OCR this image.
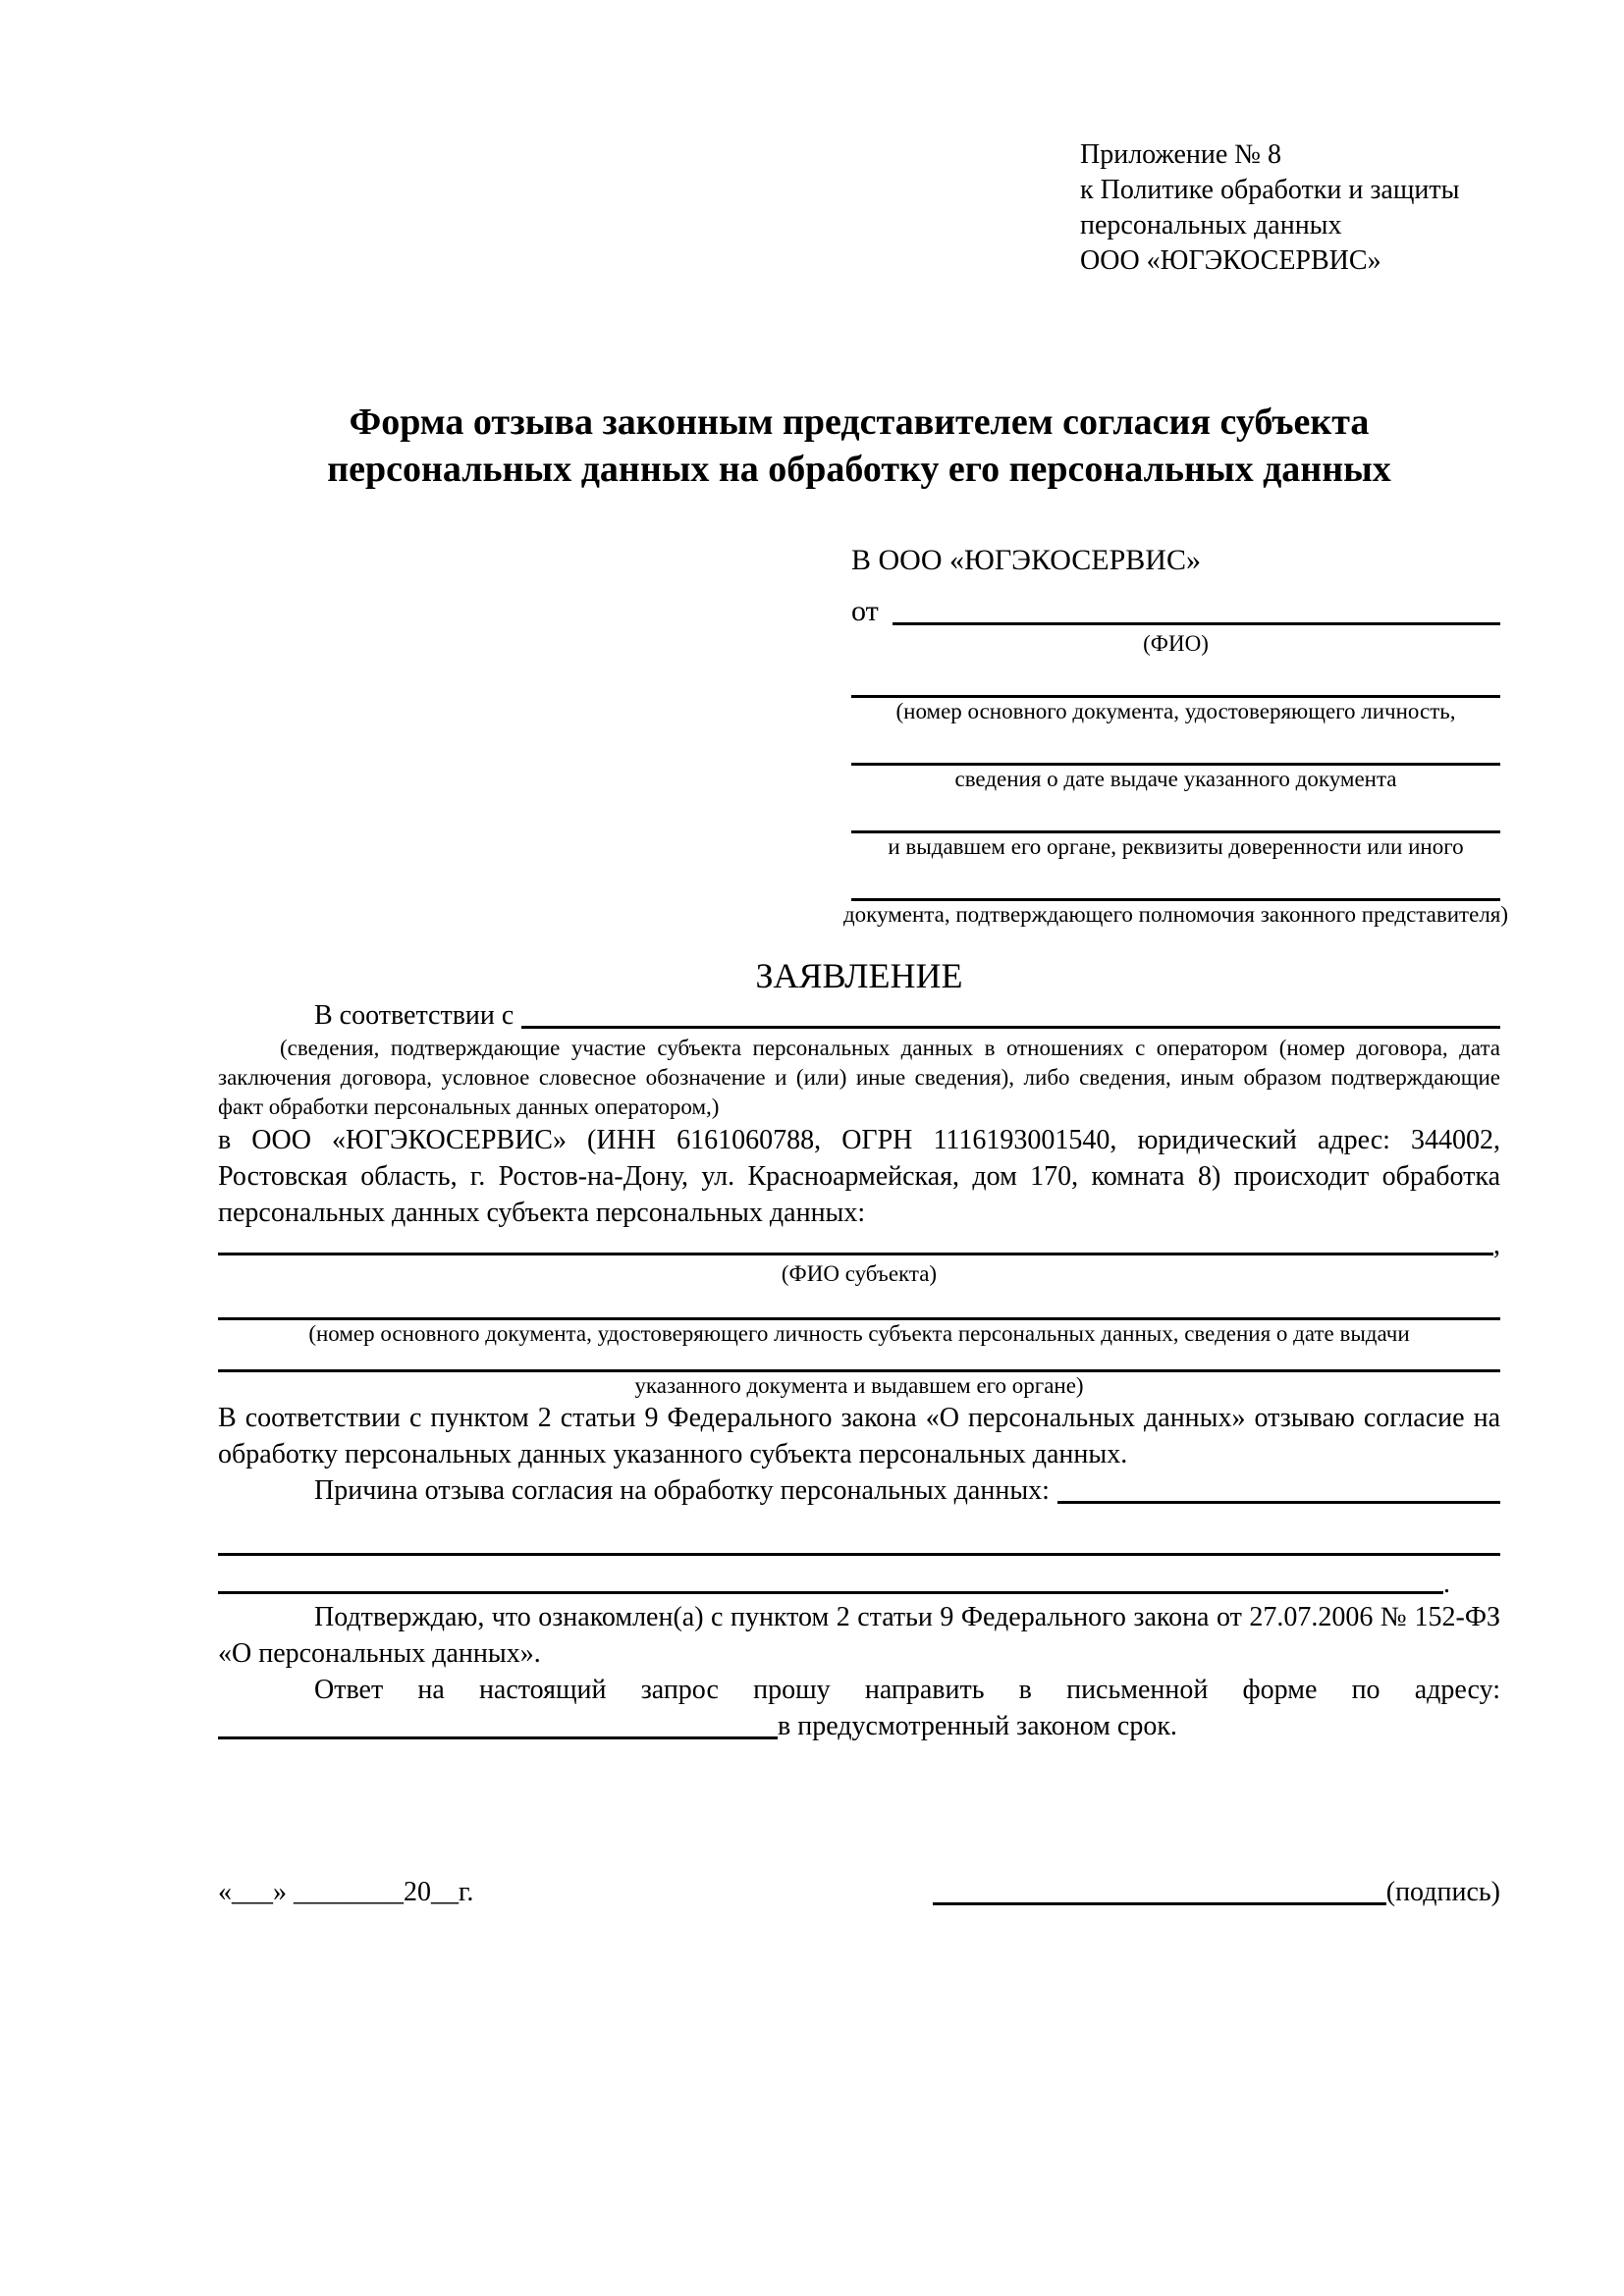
Приложение № 8
к Политике обработки и защиты
персональных данных
ООО «ЮГЭКОСЕРВИС»
Форма отзыва законным представителем согласия субъекта
персональных данных на обработку его персональных данных
В ООО «ЮГЭКОСЕРВИС»
от
(ФИО)
(номер основного документа, удостоверяющего личность,
сведения о дате выдаче указанного документа
и выдавшем его органе, реквизиты доверенности или иного
документа, подтверждающего полномочия законного представителя)
ЗАЯВЛЕНИЕ
В соответствии с

(сведения, подтверждающие участие субъекта персональных данных в отношениях с оператором (номер договора, дата заключения договора, условное словесное обозначение и (или) иные сведения), либо сведения, иным образом подтверждающие факт обработки персональных данных оператором,)

в ООО «ЮГЭКОСЕРВИС» (ИНН 6161060788, ОГРН 1116193001540, юридический адрес: 344002, Ростовская область, г. Ростов-на-Дону, ул. Красноармейская, дом 170, комната 8) происходит обработка персональных данных субъекта персональных данных:

,
(ФИО субъекта)
(номер основного документа, удостоверяющего личность субъекта персональных данных, сведения о дате выдачи
указанного документа и выдавшем его органе)

В соответствии с пунктом 2 статьи 9 Федерального закона «О персональных данных» отзываю согласие на обработку персональных данных указанного субъекта персональных данных.

Причина отзыва согласия на обработку персональных данных:
.

Подтверждаю, что ознакомлен(а) с пунктом 2 статьи 9 Федерального закона от 27.07.2006 № 152-ФЗ «О персональных данных».

Ответ на настоящий запрос прошу направить в письменной форме по адресу:

в предусмотренный законом срок.
«___» ________20__г.	(подпись)
